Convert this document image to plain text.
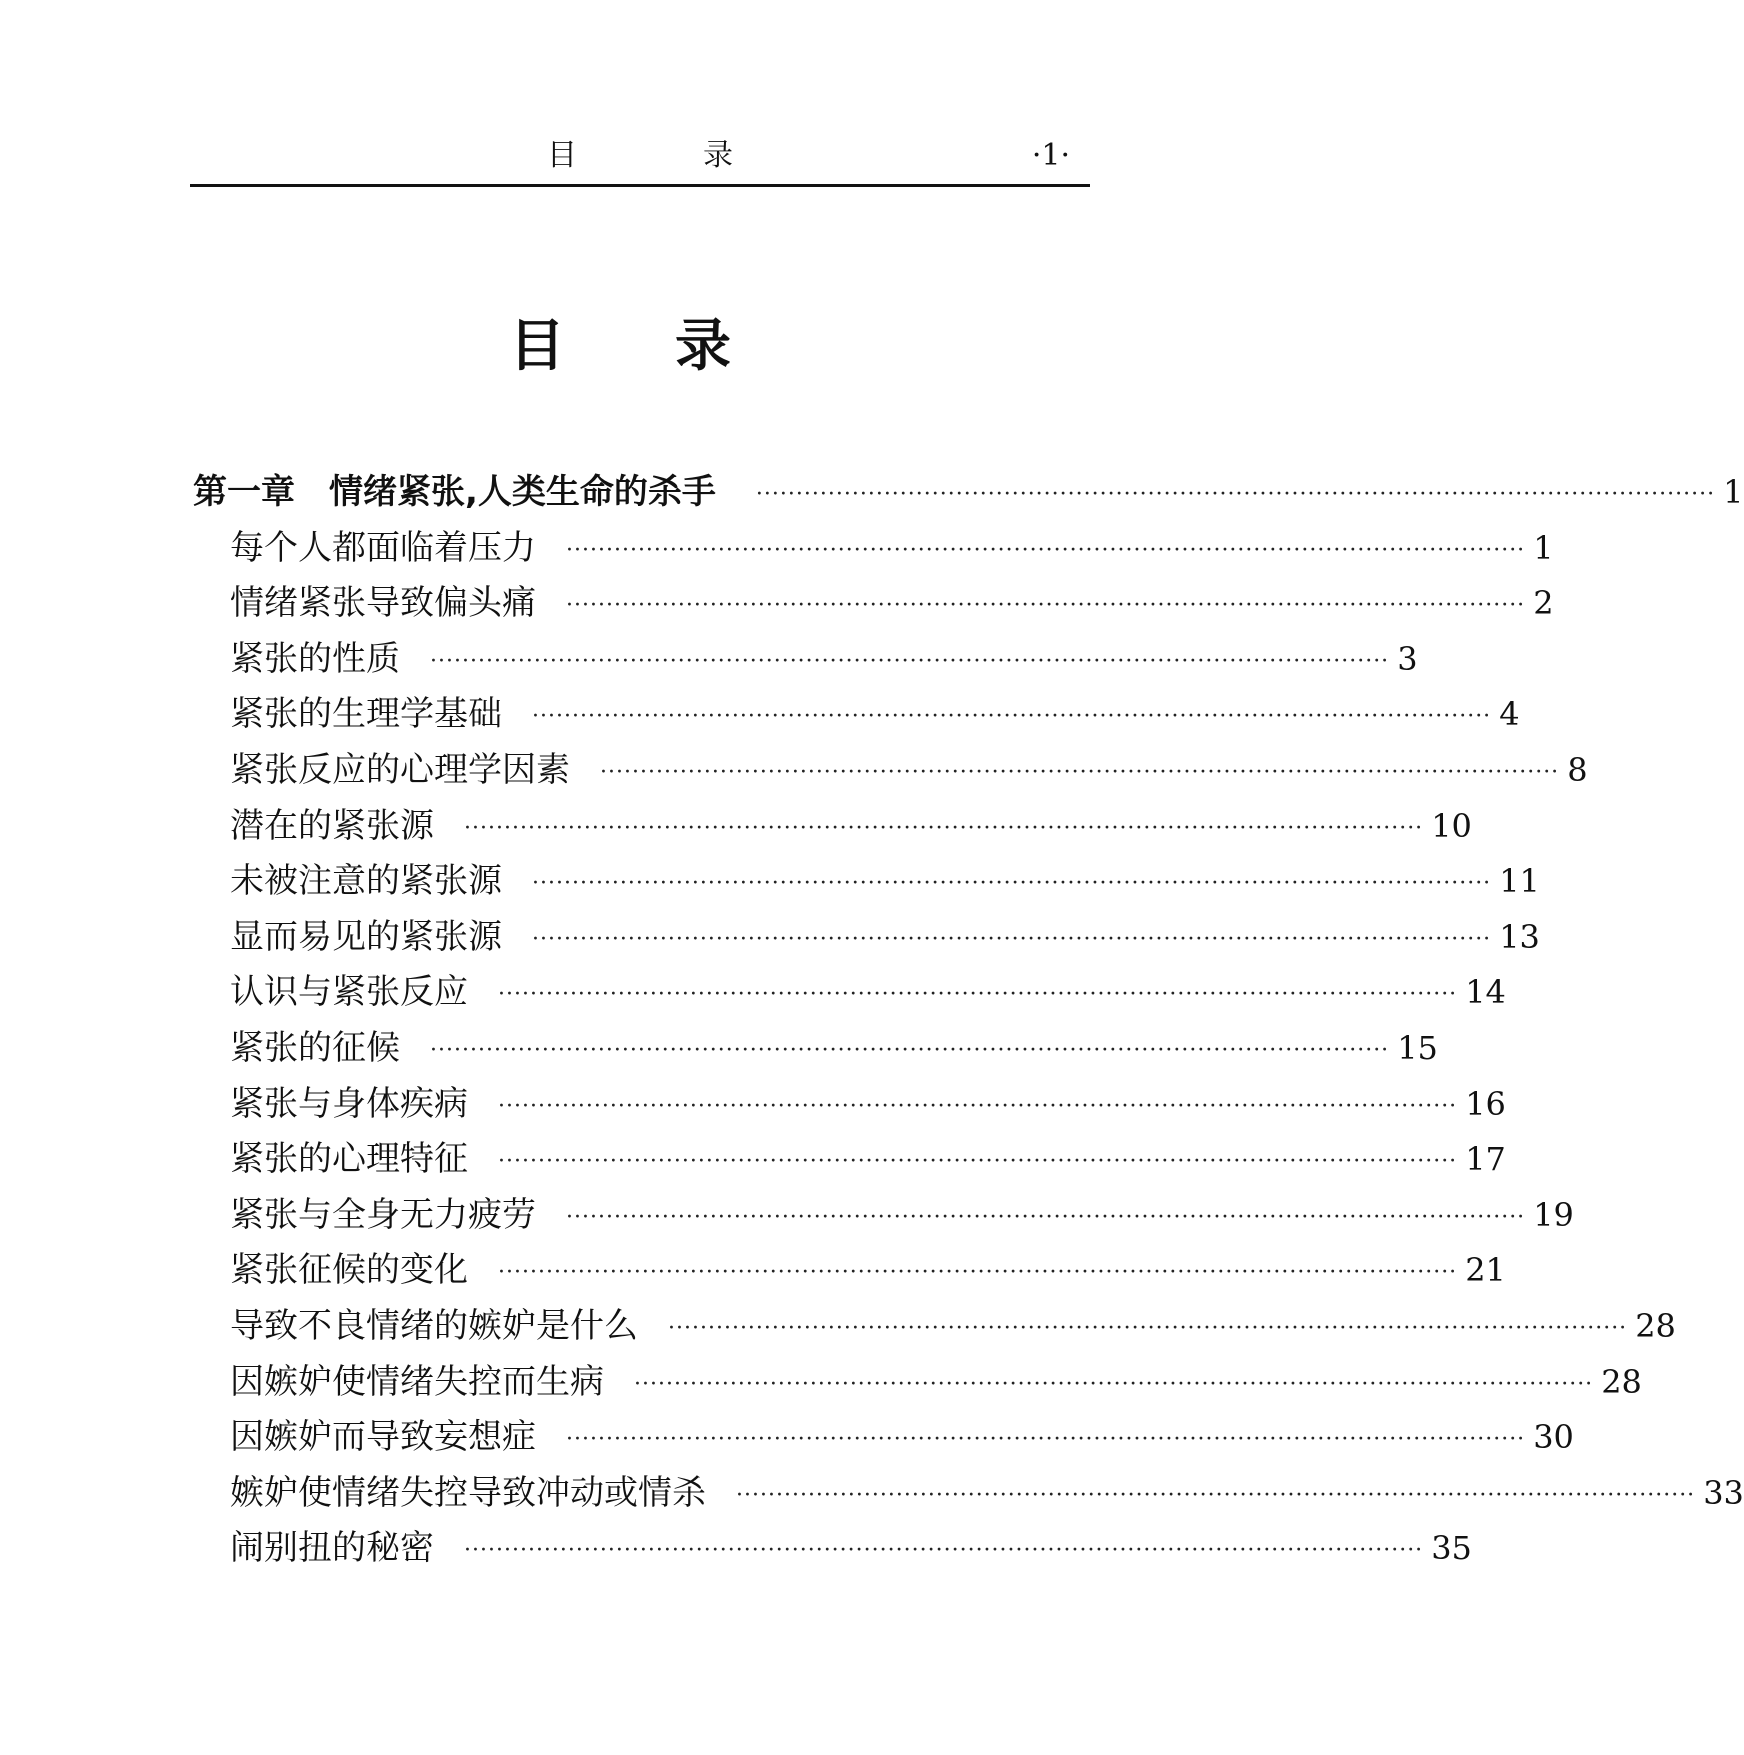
目　录	·1·
目录
第一章　情绪紧张,人类生命的杀手 ························································································································ 1
每个人都面临着压力 ························································································································ 1
情绪紧张导致偏头痛 ························································································································ 2
紧张的性质 ························································································································ 3
紧张的生理学基础 ························································································································ 4
紧张反应的心理学因素 ························································································································ 8
潜在的紧张源 ························································································································ 10
未被注意的紧张源 ························································································································ 11
显而易见的紧张源 ························································································································ 13
认识与紧张反应 ························································································································ 14
紧张的征候 ························································································································ 15
紧张与身体疾病 ························································································································ 16
紧张的心理特征 ························································································································ 17
紧张与全身无力疲劳 ························································································································ 19
紧张征候的变化 ························································································································ 21
导致不良情绪的嫉妒是什么 ························································································································ 28
因嫉妒使情绪失控而生病 ························································································································ 28
因嫉妒而导致妄想症 ························································································································ 30
嫉妒使情绪失控导致冲动或情杀 ························································································································ 33
闹别扭的秘密 ························································································································ 35
